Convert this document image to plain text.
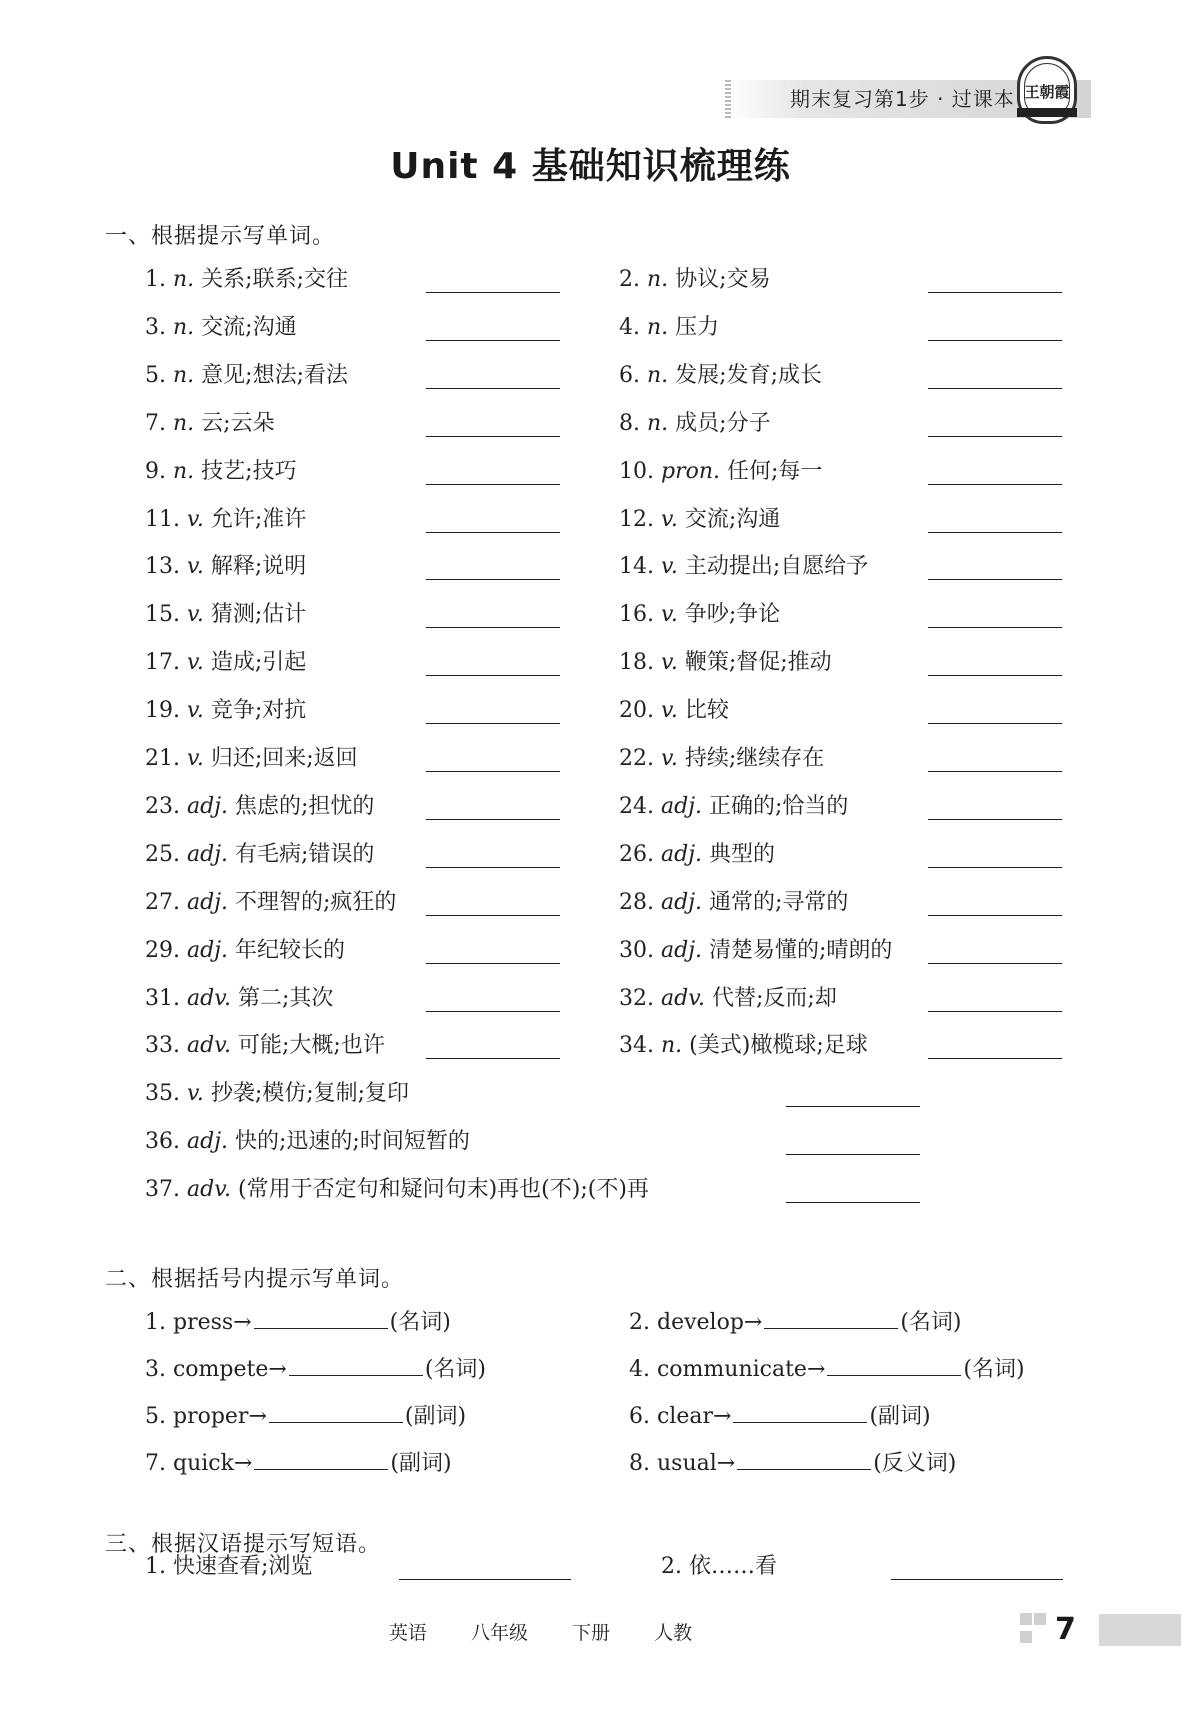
期末复习第1步 · 过课本 王朝霞
Unit 4 基础知识梳理练
一、根据提示写单词。
1. n. 关系;联系;交往	2. n. 协议;交易
3. n. 交流;沟通	4. n. 压力
5. n. 意见;想法;看法	6. n. 发展;发育;成长
7. n. 云;云朵	8. n. 成员;分子
9. n. 技艺;技巧	10. pron. 任何;每一
11. v. 允许;准许	12. v. 交流;沟通
13. v. 解释;说明	14. v. 主动提出;自愿给予
15. v. 猜测;估计	16. v. 争吵;争论
17. v. 造成;引起	18. v. 鞭策;督促;推动
19. v. 竞争;对抗	20. v. 比较
21. v. 归还;回来;返回	22. v. 持续;继续存在
23. adj. 焦虑的;担忧的	24. adj. 正确的;恰当的
25. adj. 有毛病;错误的	26. adj. 典型的
27. adj. 不理智的;疯狂的	28. adj. 通常的;寻常的
29. adj. 年纪较长的	30. adj. 清楚易懂的;晴朗的
31. adv. 第二;其次	32. adv. 代替;反而;却
33. adv. 可能;大概;也许	34. n. (美式)橄榄球;足球
35. v. 抄袭;模仿;复制;复印
36. adj. 快的;迅速的;时间短暂的
37. adv. (常用于否定句和疑问句末)再也(不);(不)再
二、根据括号内提示写单词。
1. press→	(名词)	2. develop→	(名词)
3. compete→	(名词)	4. communicate→	(名词)
5. proper→	(副词)	6. clear→	(副词)
7. quick→	(副词)	8. usual→	(反义词)
三、根据汉语提示写短语。
1. 快速查看;浏览	2. 依……看
英语 八年级 下册 人教	7
